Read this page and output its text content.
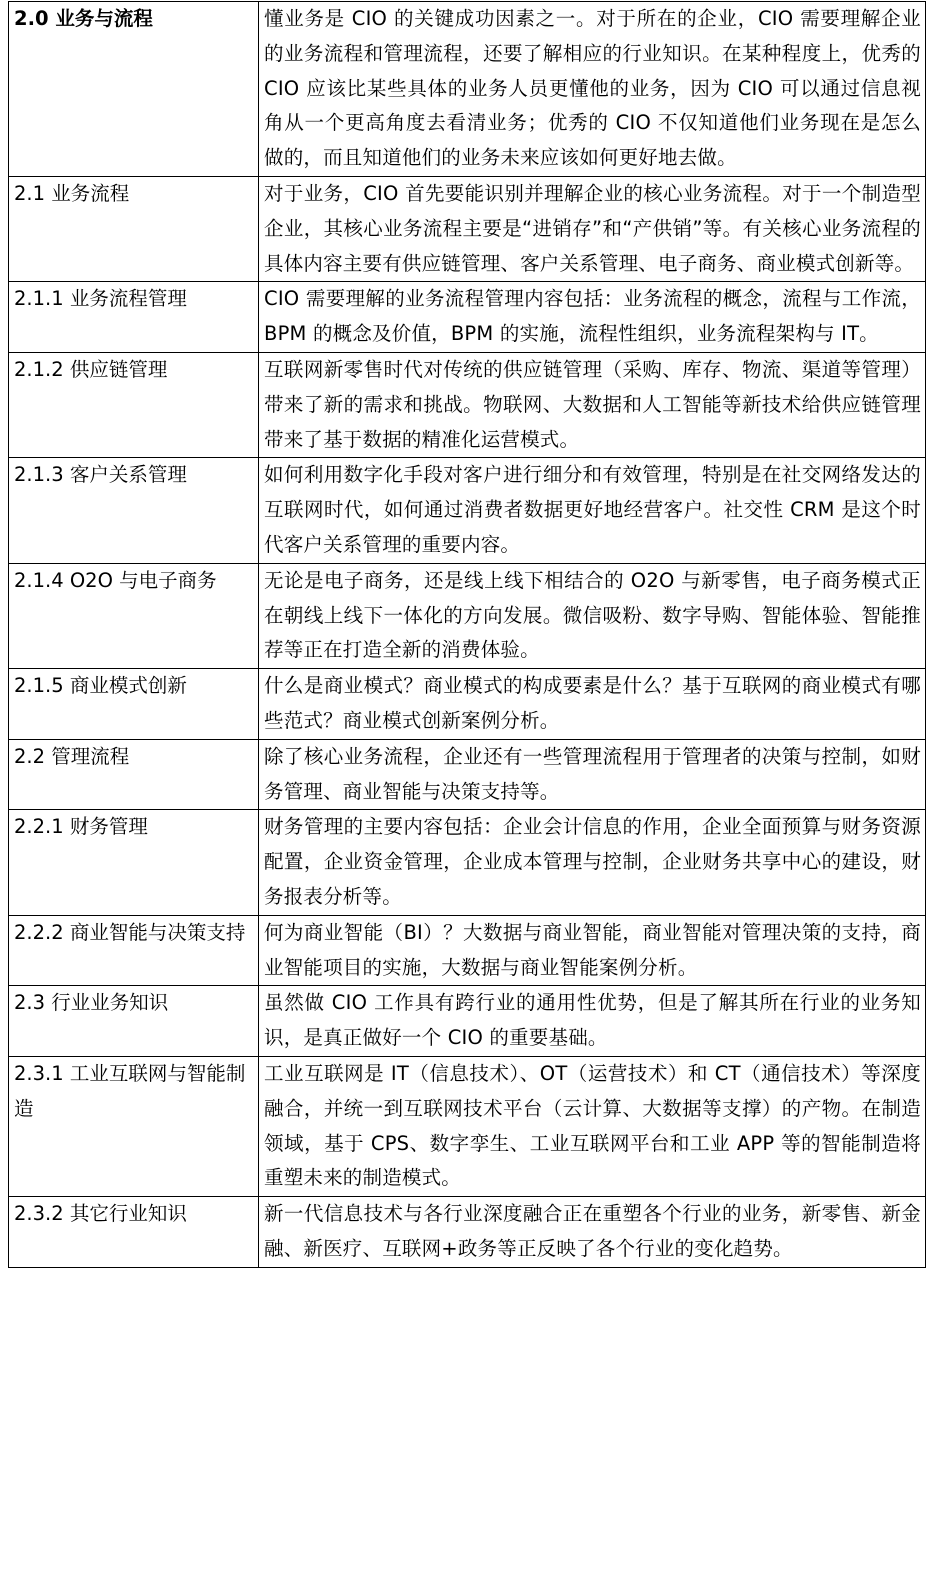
2.0 业务与流程	懂业务是 CIO 的关键成功因素之一。对于所在的企业，CIO 需要理解企业的业务流程和管理流程，还要了解相应的行业知识。在某种程度上，优秀的 CIO 应该比某些具体的业务人员更懂他的业务，因为 CIO 可以通过信息视角从一个更高角度去看清业务；优秀的 CIO 不仅知道他们业务现在是怎么做的，而且知道他们的业务未来应该如何更好地去做。
2.1 业务流程	对于业务，CIO 首先要能识别并理解企业的核心业务流程。对于一个制造型企业，其核心业务流程主要是“进销存”和“产供销”等。有关核心业务流程的具体内容主要有供应链管理、客户关系管理、电子商务、商业模式创新等。
2.1.1 业务流程管理	CIO 需要理解的业务流程管理内容包括：业务流程的概念，流程与工作流，BPM 的概念及价值，BPM 的实施，流程性组织，业务流程架构与 IT。
2.1.2 供应链管理	互联网新零售时代对传统的供应链管理（采购、库存、物流、渠道等管理）带来了新的需求和挑战。物联网、大数据和人工智能等新技术给供应链管理带来了基于数据的精准化运营模式。
2.1.3 客户关系管理	如何利用数字化手段对客户进行细分和有效管理，特别是在社交网络发达的互联网时代，如何通过消费者数据更好地经营客户。社交性 CRM 是这个时代客户关系管理的重要内容。
2.1.4 O2O 与电子商务	无论是电子商务，还是线上线下相结合的 O2O 与新零售，电子商务模式正在朝线上线下一体化的方向发展。微信吸粉、数字导购、智能体验、智能推荐等正在打造全新的消费体验。
2.1.5 商业模式创新	什么是商业模式？商业模式的构成要素是什么？基于互联网的商业模式有哪些范式？商业模式创新案例分析。
2.2 管理流程	除了核心业务流程，企业还有一些管理流程用于管理者的决策与控制，如财务管理、商业智能与决策支持等。
2.2.1 财务管理	财务管理的主要内容包括：企业会计信息的作用，企业全面预算与财务资源配置，企业资金管理，企业成本管理与控制，企业财务共享中心的建设，财务报表分析等。
2.2.2 商业智能与决策支持	何为商业智能（BI）？大数据与商业智能，商业智能对管理决策的支持，商业智能项目的实施，大数据与商业智能案例分析。
2.3 行业业务知识	虽然做 CIO 工作具有跨行业的通用性优势，但是了解其所在行业的业务知识，是真正做好一个 CIO 的重要基础。
2.3.1 工业互联网与智能制造	工业互联网是 IT（信息技术）、OT（运营技术）和 CT（通信技术）等深度融合，并统一到互联网技术平台（云计算、大数据等支撑）的产物。在制造领域，基于 CPS、数字孪生、工业互联网平台和工业 APP 等的智能制造将重塑未来的制造模式。
2.3.2 其它行业知识	新一代信息技术与各行业深度融合正在重塑各个行业的业务，新零售、新金融、新医疗、互联网+政务等正反映了各个行业的变化趋势。
